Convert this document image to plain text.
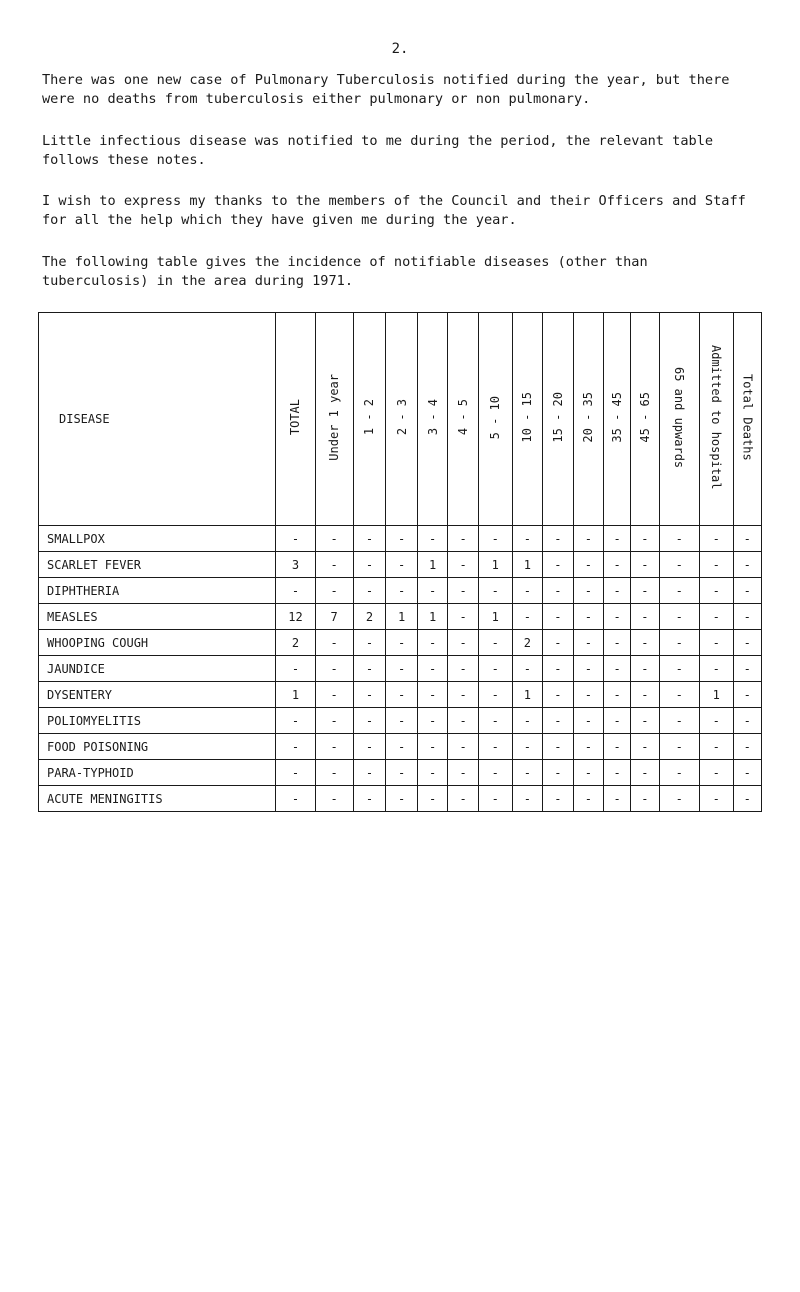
2.

There was one new case of Pulmonary Tuberculosis notified during the year, but there were no deaths from tuberculosis either pulmonary or non pulmonary.

Little infectious disease was notified to me during the period, the relevant table follows these notes.

I wish to express my thanks to the members of the Council and their Officers and Staff for all the help which they have given me during the year.

The following table gives the incidence of notifiable diseases (other than tuberculosis) in the area during 1971.

DISEASE	TOTAL	Under 1 year	1 - 2	2 - 3	3 - 4	4 - 5	5 - 10	10 - 15	15 - 20	20 - 35	35 - 45	45 - 65	65 and upwards	Admitted to hospital	Total Deaths
SMALLPOX	-	-	-	-	-	-	-	-	-	-	-	-	-	-	-
SCARLET FEVER	3	-	-	-	1	-	1	1	-	-	-	-	-	-	-
DIPHTHERIA	-	-	-	-	-	-	-	-	-	-	-	-	-	-	-
MEASLES	12	7	2	1	1	-	1	-	-	-	-	-	-	-	-
WHOOPING COUGH	2	-	-	-	-	-	-	2	-	-	-	-	-	-	-
JAUNDICE	-	-	-	-	-	-	-	-	-	-	-	-	-	-	-
DYSENTERY	1	-	-	-	-	-	-	1	-	-	-	-	-	1	-
POLIOMYELITIS	-	-	-	-	-	-	-	-	-	-	-	-	-	-	-
FOOD POISONING	-	-	-	-	-	-	-	-	-	-	-	-	-	-	-
PARA-TYPHOID	-	-	-	-	-	-	-	-	-	-	-	-	-	-	-
ACUTE MENINGITIS	-	-	-	-	-	-	-	-	-	-	-	-	-	-	-
